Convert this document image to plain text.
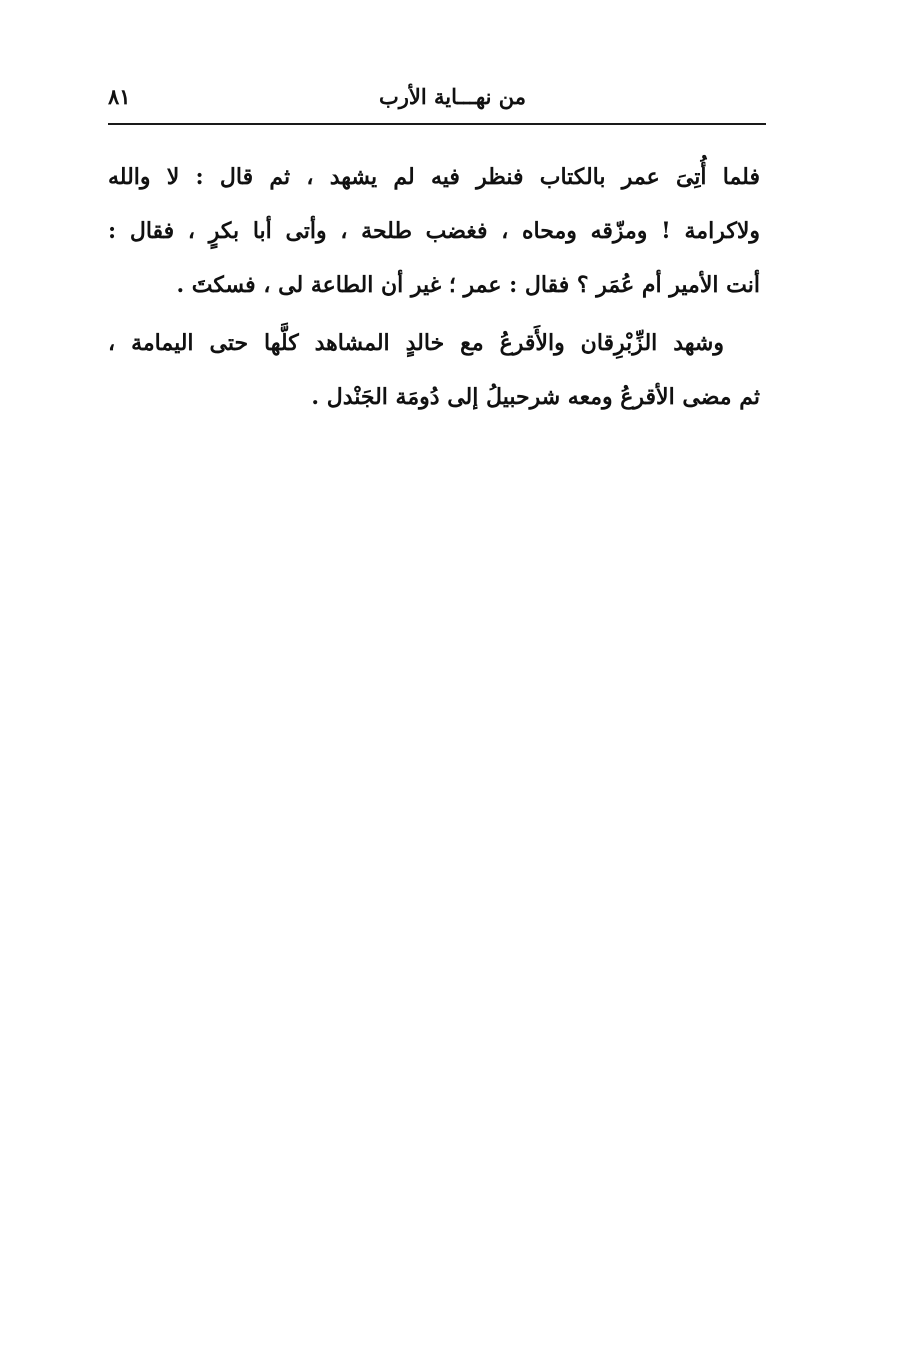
من نهـــاية الأرب
٨١
فلما أُتِىَ عمر بالكتاب فنظر فيه لم يشهد ، ثم قال : لا والله
ولاكرامة ! ومزّقه ومحاه ، فغضب طلحة ، وأتى أبا بكرٍ ، فقال :
أنت الأمير أم عُمَر ؟ فقال : عمر ؛ غير أن الطاعة لى ، فسكتَ .
وشهد الزِّبْرِقان والأَقرعُ مع خالدٍ المشاهد كلَّها حتى اليمامة ،
ثم مضى الأقرعُ ومعه شرحبيلُ إلى دُومَة الجَنْدل .
